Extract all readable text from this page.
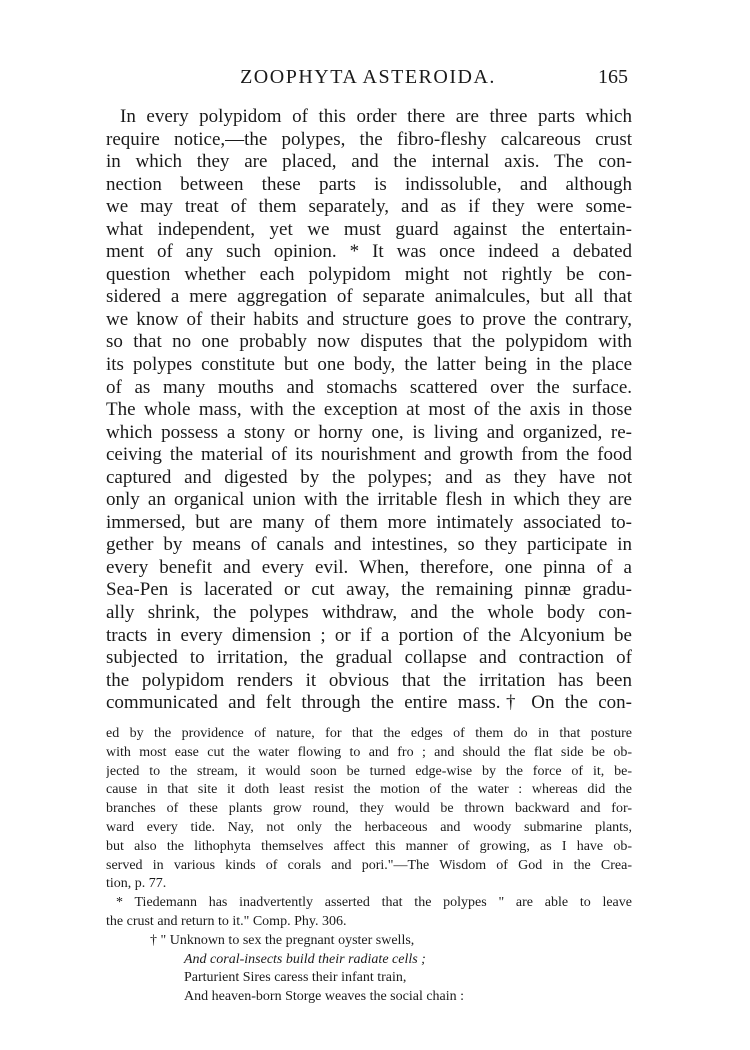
ZOOPHYTA ASTEROIDA.	165
In every polypidom of this order there are three parts which
require notice,—the polypes, the fibro-fleshy calcareous crust
in which they are placed, and the internal axis. The con-
nection between these parts is indissoluble, and although
we may treat of them separately, and as if they were some-
what independent, yet we must guard against the entertain-
ment of any such opinion. * It was once indeed a debated
question whether each polypidom might not rightly be con-
sidered a mere aggregation of separate animalcules, but all that
we know of their habits and structure goes to prove the contrary,
so that no one probably now disputes that the polypidom with
its polypes constitute but one body, the latter being in the place
of as many mouths and stomachs scattered over the surface.
The whole mass, with the exception at most of the axis in those
which possess a stony or horny one, is living and organized, re-
ceiving the material of its nourishment and growth from the food
captured and digested by the polypes; and as they have not
only an organical union with the irritable flesh in which they are
immersed, but are many of them more intimately associated to-
gether by means of canals and intestines, so they participate in
every benefit and every evil. When, therefore, one pinna of a
Sea-Pen is lacerated or cut away, the remaining pinnæ gradu-
ally shrink, the polypes withdraw, and the whole body con-
tracts in every dimension ; or if a portion of the Alcyonium be
subjected to irritation, the gradual collapse and contraction of
the polypidom renders it obvious that the irritation has been
communicated and felt through the entire mass.† On the con-
ed by the providence of nature, for that the edges of them do in that posture
with most ease cut the water flowing to and fro ; and should the flat side be ob-
jected to the stream, it would soon be turned edge-wise by the force of it, be-
cause in that site it doth least resist the motion of the water : whereas did the
branches of these plants grow round, they would be thrown backward and for-
ward every tide. Nay, not only the herbaceous and woody submarine plants,
but also the lithophyta themselves affect this manner of growing, as I have ob-
served in various kinds of corals and pori."—The Wisdom of God in the Crea-
tion, p. 77.
* Tiedemann has inadvertently asserted that the polypes " are able to leave
the crust and return to it." Comp. Phy. 306.
† " Unknown to sex the pregnant oyster swells,
And coral-insects build their radiate cells ;
Parturient Sires caress their infant train,
And heaven-born Storge weaves the social chain :
